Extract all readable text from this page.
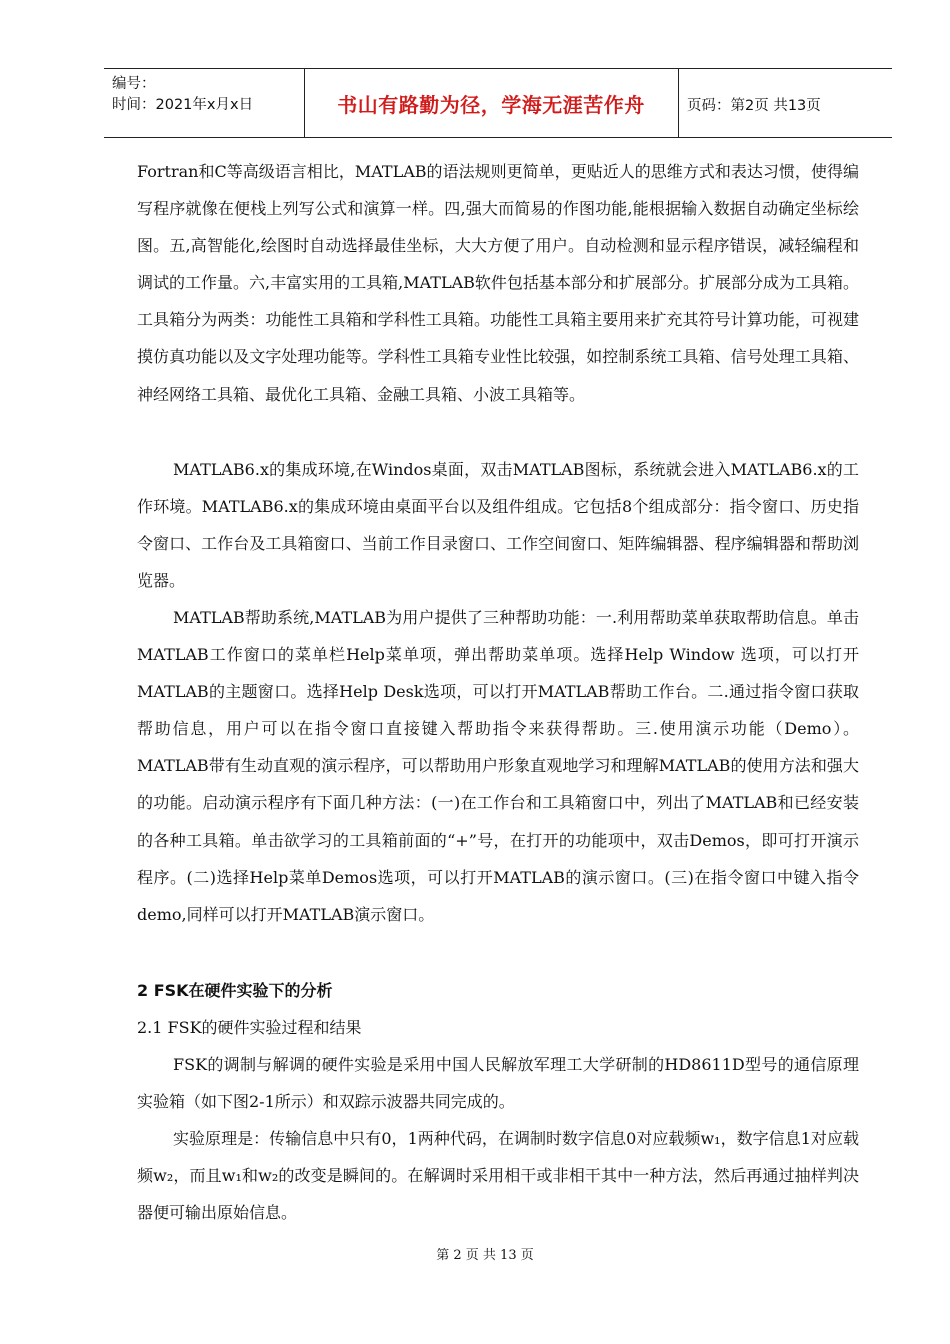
编号：
时间：2021年x月x日	书山有路勤为径，学海无涯苦作舟	页码：第2页 共13页

Fortran和C等高级语言相比，MATLAB的语法规则更简单，更贴近人的思维方式和表达习惯，使得编写程序就像在便栈上列写公式和演算一样。四,强大而简易的作图功能,能根据输入数据自动确定坐标绘图。五,高智能化,绘图时自动选择最佳坐标，大大方便了用户。自动检测和显示程序错误，减轻编程和调试的工作量。六,丰富实用的工具箱,MATLAB软件包括基本部分和扩展部分。扩展部分成为工具箱。工具箱分为两类：功能性工具箱和学科性工具箱。功能性工具箱主要用来扩充其符号计算功能，可视建摸仿真功能以及文字处理功能等。学科性工具箱专业性比较强，如控制系统工具箱、信号处理工具箱、神经网络工具箱、最优化工具箱、金融工具箱、小波工具箱等。

MATLAB6.x的集成环境,在Windos桌面，双击MATLAB图标，系统就会进入MATLAB6.x的工作环境。MATLAB6.x的集成环境由桌面平台以及组件组成。它包括8个组成部分：指令窗口、历史指令窗口、工作台及工具箱窗口、当前工作目录窗口、工作空间窗口、矩阵编辑器、程序编辑器和帮助浏览器。

MATLAB帮助系统,MATLAB为用户提供了三种帮助功能：一.利用帮助菜单获取帮助信息。单击MATLAB工作窗口的菜单栏Help菜单项，弹出帮助菜单项。选择Help Window 选项，可以打开MATLAB的主题窗口。选择Help Desk选项，可以打开MATLAB帮助工作台。二.通过指令窗口获取帮助信息，用户可以在指令窗口直接键入帮助指令来获得帮助。三.使用演示功能（Demo）。MATLAB带有生动直观的演示程序，可以帮助用户形象直观地学习和理解MATLAB的使用方法和强大的功能。启动演示程序有下面几种方法：(一)在工作台和工具箱窗口中，列出了MATLAB和已经安装的各种工具箱。单击欲学习的工具箱前面的“+”号，在打开的功能项中，双击Demos，即可打开演示程序。(二)选择Help菜单Demos选项，可以打开MATLAB的演示窗口。(三)在指令窗口中键入指令demo,同样可以打开MATLAB演示窗口。

2 FSK在硬件实验下的分析
2.1 FSK的硬件实验过程和结果

FSK的调制与解调的硬件实验是采用中国人民解放军理工大学研制的HD8611D型号的通信原理实验箱（如下图2-1所示）和双踪示波器共同完成的。

实验原理是：传输信息中只有0，1两种代码，在调制时数字信息0对应载频w₁，数字信息1对应载频w₂，而且w₁和w₂的改变是瞬间的。在解调时采用相干或非相干其中一种方法，然后再通过抽样判决器便可输出原始信息。

第 2 页 共 13 页
